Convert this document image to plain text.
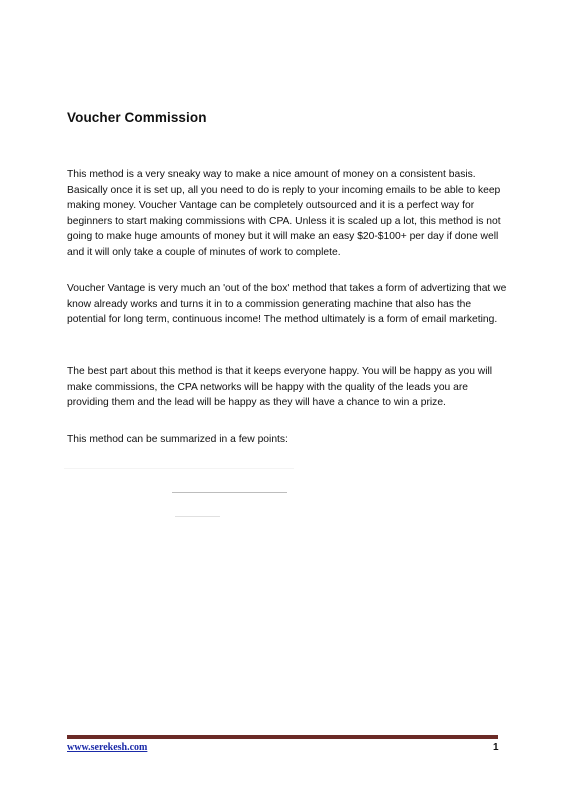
Voucher Commission

This method is a very sneaky way to make a nice amount of money on a consistent basis. Basically once it is set up, all you need to do is reply to your incoming emails to be able to keep making money. Voucher Vantage can be completely outsourced and it is a perfect way for beginners to start making commissions with CPA. Unless it is scaled up a lot, this method is not going to make huge amounts of money but it will make an easy $20-$100+ per day if done well and it will only take a couple of minutes of work to complete.

Voucher Vantage is very much an 'out of the box' method that takes a form of advertizing that we know already works and turns it in to a commission generating machine that also has the potential for long term, continuous income! The method ultimately is a form of email marketing.

The best part about this method is that it keeps everyone happy. You will be happy as you will make commissions, the CPA networks will be happy with the quality of the leads you are providing them and the lead will be happy as they will have a chance to win a prize.

This method can be summarized in a few points:

www.serekesh.com	1
